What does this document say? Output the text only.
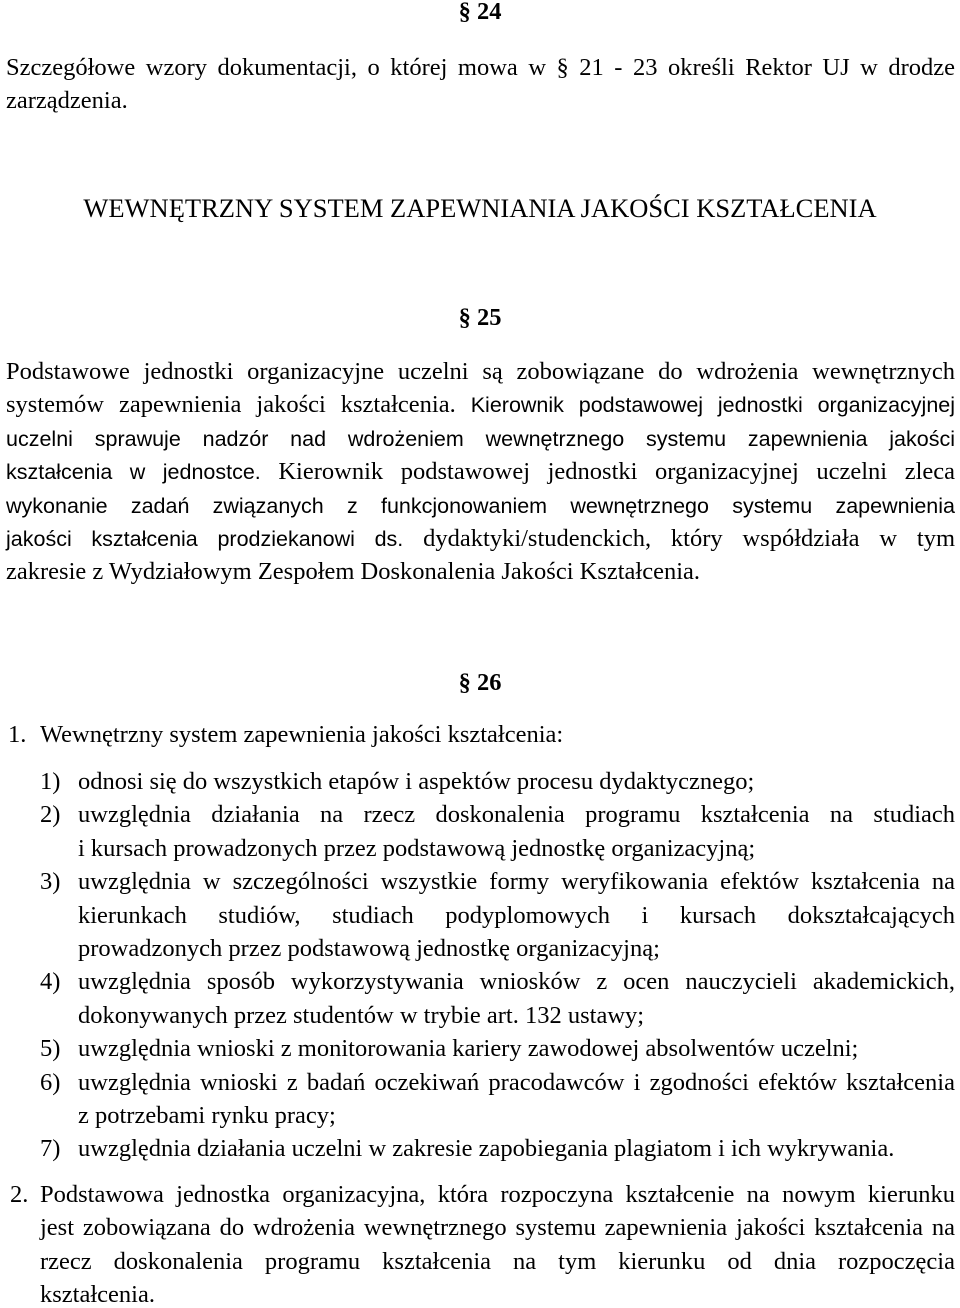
§ 24
Szczegółowe wzory dokumentacji, o której mowa w § 21 - 23 określi Rektor UJ w drodze
zarządzenia.
WEWNĘTRZNY SYSTEM ZAPEWNIANIA JAKOŚCI KSZTAŁCENIA
§ 25
Podstawowe jednostki organizacyjne uczelni są zobowiązane do wdrożenia wewnętrznych
systemów zapewnienia jakości kształcenia. Kierownik podstawowej jednostki organizacyjnej
uczelni sprawuje nadzór nad wdrożeniem wewnętrznego systemu zapewnienia jakości
kształcenia w jednostce. Kierownik podstawowej jednostki organizacyjnej uczelni zleca
wykonanie zadań związanych z funkcjonowaniem wewnętrznego systemu zapewnienia
jakości kształcenia prodziekanowi ds. dydaktyki/studenckich, który współdziała w tym
zakresie z Wydziałowym Zespołem Doskonalenia Jakości Kształcenia.
§ 26
1. Wewnętrzny system zapewnienia jakości kształcenia:
1) odnosi się do wszystkich etapów i aspektów procesu dydaktycznego;
2) uwzględnia działania na rzecz doskonalenia programu kształcenia na studiach
i kursach prowadzonych przez podstawową jednostkę organizacyjną;
3) uwzględnia w szczególności wszystkie formy weryfikowania efektów kształcenia na
kierunkach studiów, studiach podyplomowych i kursach dokształcających
prowadzonych przez podstawową jednostkę organizacyjną;
4) uwzględnia sposób wykorzystywania wniosków z ocen nauczycieli akademickich,
dokonywanych przez studentów w trybie art. 132 ustawy;
5) uwzględnia wnioski z monitorowania kariery zawodowej absolwentów uczelni;
6) uwzględnia wnioski z badań oczekiwań pracodawców i zgodności efektów kształcenia
z potrzebami rynku pracy;
7) uwzględnia działania uczelni w zakresie zapobiegania plagiatom i ich wykrywania.
2. Podstawowa jednostka organizacyjna, która rozpoczyna kształcenie na nowym kierunku
jest zobowiązana do wdrożenia wewnętrznego systemu zapewnienia jakości kształcenia na
rzecz doskonalenia programu kształcenia na tym kierunku od dnia rozpoczęcia
kształcenia.
